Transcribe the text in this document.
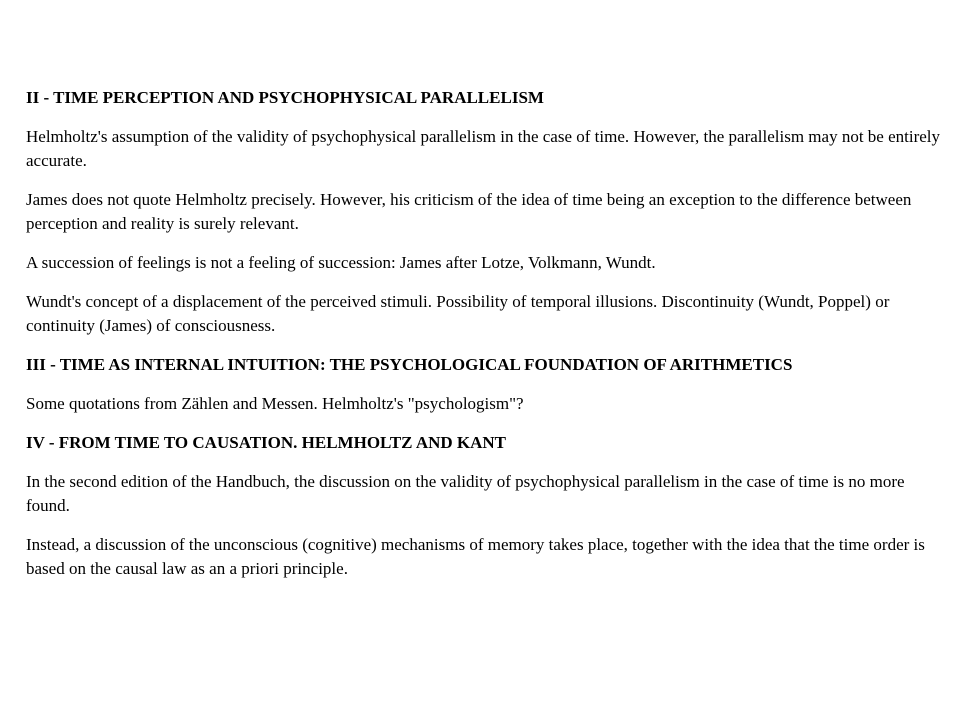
II - TIME PERCEPTION AND PSYCHOPHYSICAL PARALLELISM

Helmholtz's assumption of the validity of psychophysical parallelism in the case of time. However, the parallelism may not be entirely accurate.

James does not quote Helmholtz precisely. However, his criticism of the idea of time being an exception to the difference between perception and reality is surely relevant.

A succession of feelings is not a feeling of succession: James after Lotze, Volkmann, Wundt.

Wundt's concept of a displacement of the perceived stimuli. Possibility of temporal illusions. Discontinuity (Wundt, Poppel) or continuity (James) of consciousness.

III - TIME AS INTERNAL INTUITION: THE PSYCHOLOGICAL FOUNDATION OF ARITHMETICS

Some quotations from Zählen and Messen. Helmholtz's "psychologism"?

IV - FROM TIME TO CAUSATION. HELMHOLTZ AND KANT

In the second edition of the Handbuch, the discussion on the validity of psychophysical parallelism in the case of time is no more found.

Instead, a discussion of the unconscious (cognitive) mechanisms of memory takes place, together with the idea that the time order is based on the causal law as an a priori principle.
